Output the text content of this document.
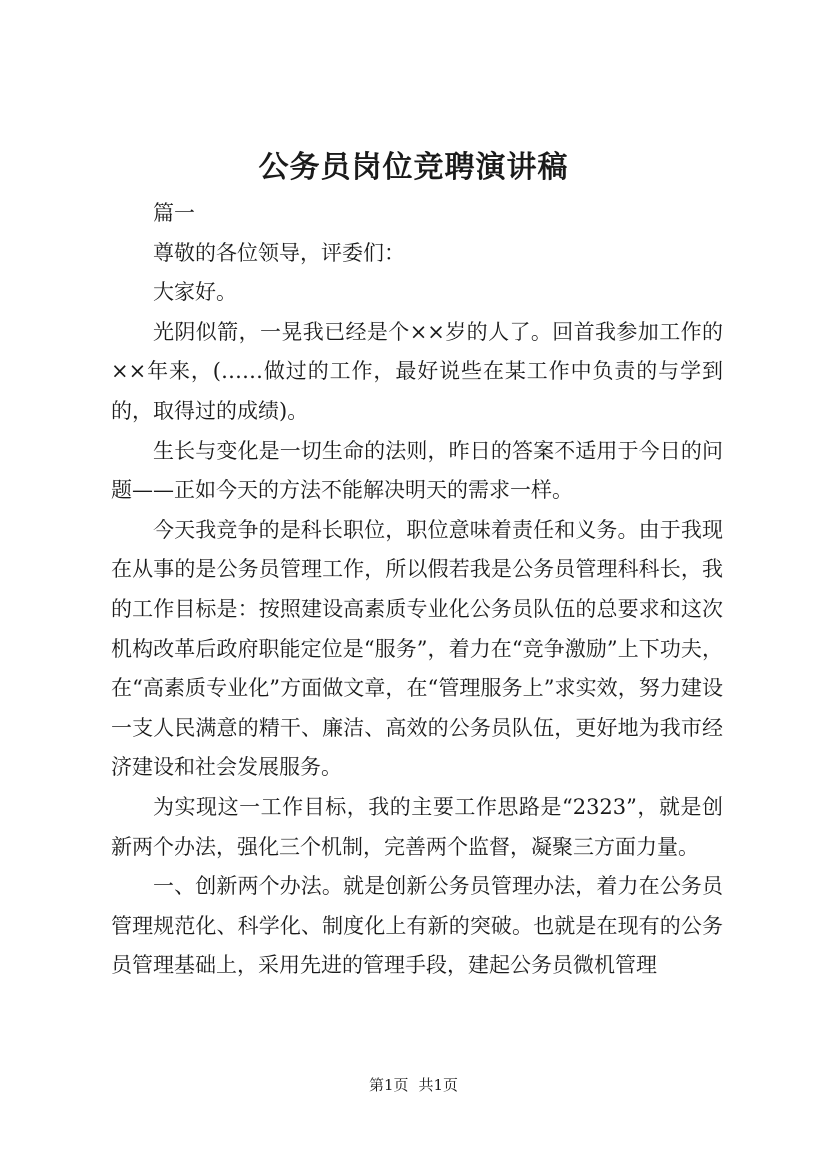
公务员岗位竞聘演讲稿

篇一

尊敬的各位领导，评委们：

大家好。

光阴似箭，一晃我已经是个××岁的人了。回首我参加工作的××年来，(……做过的工作，最好说些在某工作中负责的与学到的，取得过的成绩)。

生长与变化是一切生命的法则，昨日的答案不适用于今日的问题——正如今天的方法不能解决明天的需求一样。

今天我竞争的是科长职位，职位意味着责任和义务。由于我现在从事的是公务员管理工作，所以假若我是公务员管理科科长，我的工作目标是：按照建设高素质专业化公务员队伍的总要求和这次机构改革后政府职能定位是“服务”，着力在“竞争激励”上下功夫，在“高素质专业化”方面做文章，在“管理服务上”求实效，努力建设一支人民满意的精干、廉洁、高效的公务员队伍，更好地为我市经济建设和社会发展服务。

为实现这一工作目标，我的主要工作思路是“2323”，就是创新两个办法，强化三个机制，完善两个监督，凝聚三方面力量。

一、创新两个办法。就是创新公务员管理办法，着力在公务员管理规范化、科学化、制度化上有新的突破。也就是在现有的公务员管理基础上，采用先进的管理手段，建起公务员微机管理

第1页 共1页
